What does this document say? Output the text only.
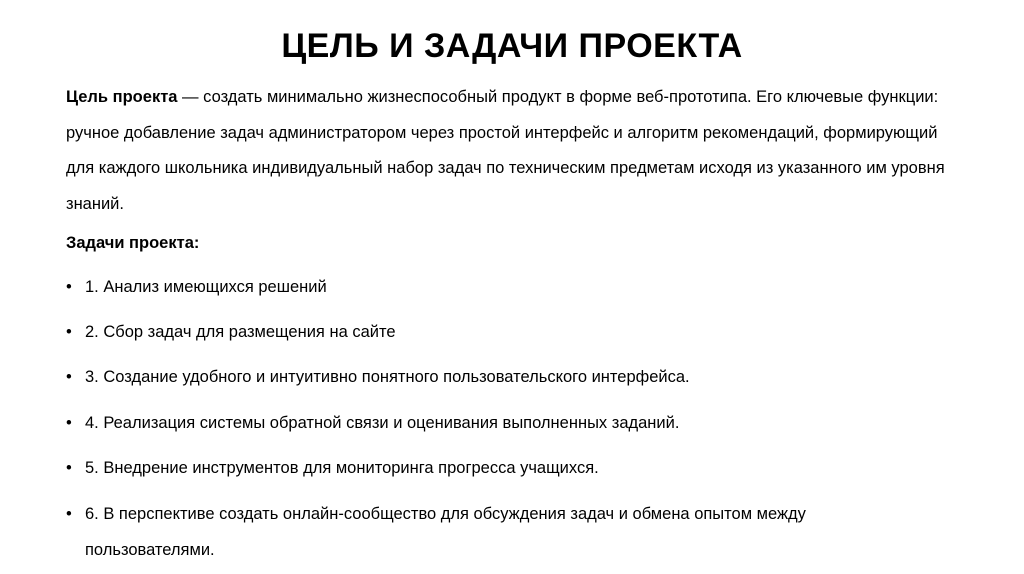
ЦЕЛЬ И ЗАДАЧИ ПРОЕКТА
Цель проекта — создать минимально жизнеспособный продукт в форме веб-прототипа. Его ключевые функции: ручное добавление задач администратором через простой интерфейс и алгоритм рекомендаций, формирующий для каждого школьника индивидуальный набор задач по техническим предметам исходя из указанного им уровня знаний.
Задачи проекта:
• 1. Анализ имеющихся решений
• 2. Сбор задач для размещения на сайте
• 3. Создание удобного и интуитивно понятного пользовательского интерфейса.
• 4. Реализация системы обратной связи и оценивания выполненных заданий.
• 5. Внедрение инструментов для мониторинга прогресса учащихся.
• 6. В перспективе создать онлайн-сообщество для обсуждения задач и обмена опытом между пользователями.
